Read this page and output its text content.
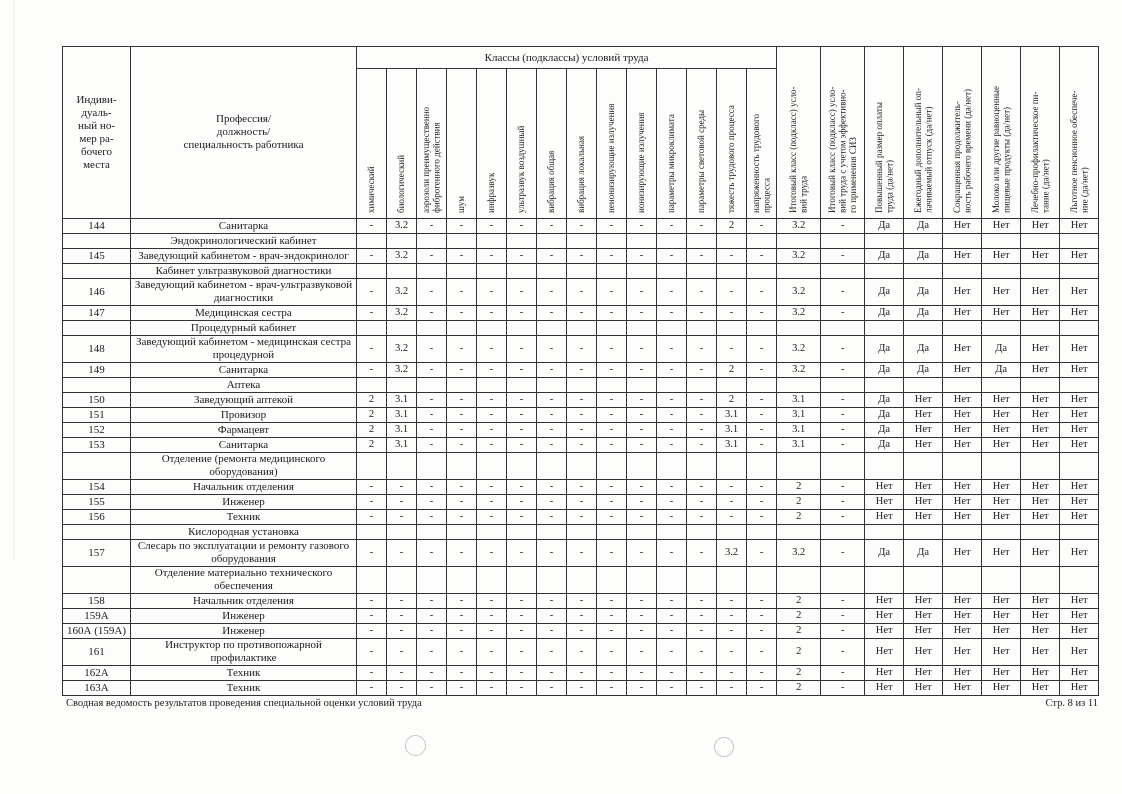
Индиви-
дуаль-
ный но-
мер ра-
бочего
места

Профессия/
должность/
специальность работника
	Классы (подклассы) условий труда	
Итоговый класс (подкласс) усло- вий труда	Итоговый класс (подкласс) усло- вий труда с учетом эффективно- го применения СИЗ	Повышенный размер оплаты труда (да/нет)	Ежегодный дополнительный оп- лачиваемый отпуск (да/нет)	Сокращенная продолжитель- ность рабочего времени (да/нет)	Молоко или другие равноценные пищевые продукты (да/нет)	Лечебно-профилактическое пи- тание (да/нет)	Льготное пенсионное обеспече- ние (да/нет)

химический	биологический	аэрозоли преимущественно фиброгенного действия	шум	инфразвук	ультразвук воздушный	вибрация общая	вибрация локальная	неионизирующие излучения	ионизирующие излучения	параметры микроклимата	параметры световой среды	тяжесть трудового процесса	напряженность трудового процесса

144	Санитарка	-	3.2	-	-	-	-	-	-	-	-	-	-	2	-	3.2	-	Да	Да	Нет	Нет	Нет	Нет
	Эндокринологический кабинет																						
145	Заведующий кабинетом - врач-эндокринолог	-	3.2	-	-	-	-	-	-	-	-	-	-	-	-	3.2	-	Да	Да	Нет	Нет	Нет	Нет
	Кабинет ультразвуковой диагностики																						
146	Заведующий кабинетом - врач-ультразвуковой диагностики	-	3.2	-	-	-	-	-	-	-	-	-	-	-	-	3.2	-	Да	Да	Нет	Нет	Нет	Нет
147	Медицинская сестра	-	3.2	-	-	-	-	-	-	-	-	-	-	-	-	3.2	-	Да	Да	Нет	Нет	Нет	Нет
	Процедурный кабинет																						
148	Заведующий кабинетом - медицинская сестра процедурной	-	3.2	-	-	-	-	-	-	-	-	-	-	-	-	3.2	-	Да	Да	Нет	Да	Нет	Нет
149	Санитарка	-	3.2	-	-	-	-	-	-	-	-	-	-	2	-	3.2	-	Да	Да	Нет	Да	Нет	Нет
	Аптека																						
150	Заведующий аптекой	2	3.1	-	-	-	-	-	-	-	-	-	-	2	-	3.1	-	Да	Нет	Нет	Нет	Нет	Нет
151	Провизор	2	3.1	-	-	-	-	-	-	-	-	-	-	3.1	-	3.1	-	Да	Нет	Нет	Нет	Нет	Нет
152	Фармацевт	2	3.1	-	-	-	-	-	-	-	-	-	-	3.1	-	3.1	-	Да	Нет	Нет	Нет	Нет	Нет
153	Санитарка	2	3.1	-	-	-	-	-	-	-	-	-	-	3.1	-	3.1	-	Да	Нет	Нет	Нет	Нет	Нет
	Отделение (ремонта медицинского оборудования)																						
154	Начальник отделения	-	-	-	-	-	-	-	-	-	-	-	-	-	-	2	-	Нет	Нет	Нет	Нет	Нет	Нет
155	Инженер	-	-	-	-	-	-	-	-	-	-	-	-	-	-	2	-	Нет	Нет	Нет	Нет	Нет	Нет
156	Техник	-	-	-	-	-	-	-	-	-	-	-	-	-	-	2	-	Нет	Нет	Нет	Нет	Нет	Нет
	Кислородная установка																						
157	Слесарь по эксплуатации и ремонту газового оборудования	-	-	-	-	-	-	-	-	-	-	-	-	3.2	-	3.2	-	Да	Да	Нет	Нет	Нет	Нет
	Отделение материально технического обеспечения																						
158	Начальник отделения	-	-	-	-	-	-	-	-	-	-	-	-	-	-	2	-	Нет	Нет	Нет	Нет	Нет	Нет
159А	Инженер	-	-	-	-	-	-	-	-	-	-	-	-	-	-	2	-	Нет	Нет	Нет	Нет	Нет	Нет
160А (159А)	Инженер	-	-	-	-	-	-	-	-	-	-	-	-	-	-	2	-	Нет	Нет	Нет	Нет	Нет	Нет
161	Инструктор по противопожарной профилактике	-	-	-	-	-	-	-	-	-	-	-	-	-	-	2	-	Нет	Нет	Нет	Нет	Нет	Нет
162А	Техник	-	-	-	-	-	-	-	-	-	-	-	-	-	-	2	-	Нет	Нет	Нет	Нет	Нет	Нет
163А	Техник	-	-	-	-	-	-	-	-	-	-	-	-	-	-	2	-	Нет	Нет	Нет	Нет	Нет	Нет
Сводная ведомость результатов проведения специальной оценки условий труда	Стр. 8 из 11
